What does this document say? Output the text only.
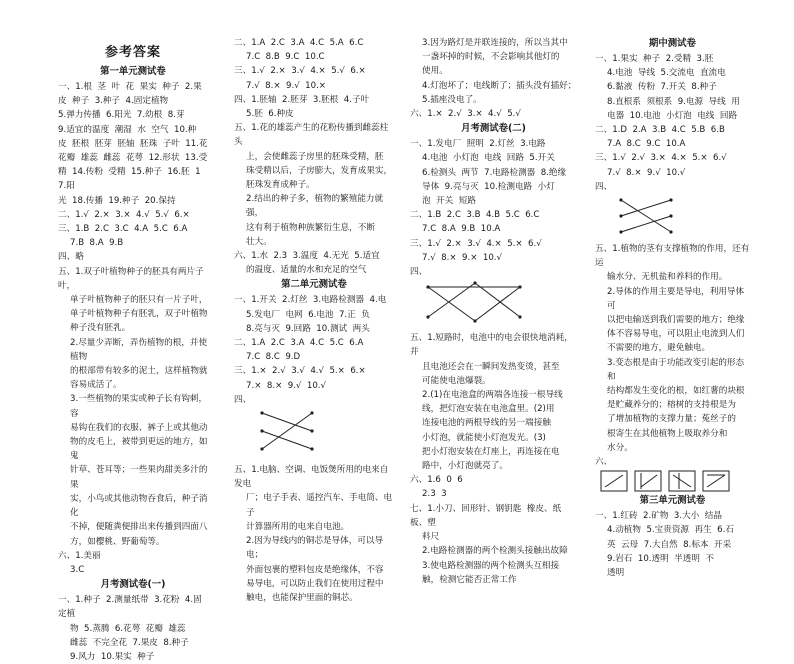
参考答案
第一单元测试卷
一、1.根  茎  叶  花  果实  种子  2.果
皮  种子  3.种子  4.固定植物
5.弹力传播  6.阳光  7.幼根  8.芽
9.适宜的温度  潮湿  水  空气  10.种
皮  胚根  胚芽  胚轴  胚珠  子叶  11.花
花瓣  雄蕊  雌蕊  花萼  12.形状  13.受
精  14.传粉  受精  15.种子  16.胚  17.阳
光  18.传播  19.种子  20.保持
二、1.√  2.×  3.×  4.√  5.√  6.×
三、1.B  2.C  3.C  4.A  5.C  6.A
7.B  8.A  9.B
四、略
五、1.双子叶植物种子的胚具有两片子叶，
单子叶植物种子的胚只有一片子叶，
单子叶植物种子有胚乳，双子叶植物
种子没有胚乳。
2.尽量少弄断，弄伤植物的根，并使植物
的根部带有较多的泥土，这样植物就
容易成活了。
3.一些植物的果实或种子长有钩刺，容
易钩在我们的衣服、裤子上或其他动
物的皮毛上，被带到更远的地方，如鬼
针草、苍耳等；一些果肉甜美多汁的果
实，小鸟或其他动物吞食后，种子消化
不掉，便随粪便排出来传播到四面八
方，如樱桃、野葡萄等。
六、1.美丽
3.C
月考测试卷(一)
一、1.种子  2.测量纸带  3.花粉  4.固定植
物  5.蒸腾  6.花萼  花瓣  雄蕊
雌蕊  不完全花  7.果皮  8.种子
9.风力  10.果实  种子
二、1.A  2.C  3.A  4.C  5.A  6.C
7.C  8.B  9.C  10.C
三、1.√  2.×  3.√  4.×  5.√  6.×
7.√  8.×  9.√  10.×
四、1.胚轴  2.胚芽  3.胚根  4.子叶
5.胚  6.种皮
五、1.花的雄蕊产生的花粉传播到雌蕊柱头
上，会使雌蕊子房里的胚珠受精，胚
珠受精以后，子房膨大，发育成果实，
胚珠发育成种子。
2.结出的种子多，植物的繁殖能力就强，
这有利于植物种族繁衍生息，不断
壮大。
六、1.水  2.3  3.温度  4.无光  5.适宜
的温度、适量的水和充足的空气
第二单元测试卷
一、1.开关  2.灯丝  3.电路检测器  4.电
5.发电厂  电网  6.电池  7.正  负
8.亮与灭  9.回路  10.测试  两头
二、1.A  2.C  3.A  4.C  5.C  6.A
7.C  8.C  9.D
三、1.×  2.√  3.√  4.√  5.×  6.×
7.×  8.×  9.√  10.√
四、
五、1.电脑、空调、电饭煲所用的电来自发电
厂；电子手表、遥控汽车、手电筒、电子
计算器所用的电来自电池。
2.因为导线内的铜芯是导体，可以导电；
外面包裹的塑料包皮是绝缘体，不容
易导电，可以防止我们在使用过程中
触电，也能保护里面的铜芯。
3.因为路灯是并联连接的，所以当其中
一盏坏掉的时候，不会影响其他灯的
使用。
4.灯泡坏了；电线断了；插头没有插好；
5.插座没电了。
六、1.×  2.√  3.×  4.√  5.√
月考测试卷(二)
一、1.发电厂  照明  2.灯丝  3.电路
4.电池  小灯泡  电线  回路  5.开关
6.检测头  两节  7.电路检测器  8.绝缘
导体  9.亮与灭  10.检测电路  小灯
泡  开关  短路
二、1.B  2.C  3.B  4.B  5.C  6.C
7.C  8.A  9.B  10.A
三、1.√  2.×  3.√  4.×  5.×  6.√
7.√  8.×  9.×  10.√
四、
五、1.短路时，电池中的电会很快地消耗，并
且电池还会在一瞬间发热变烫，甚至
可能使电池爆裂。
2.(1)在电池盒的两端各连接一根导线
线，把灯泡安装在电池盒里。(2)用
连接电池的两根导线的另一端接触
小灯泡，就能使小灯泡发光。(3)
把小灯泡安装在灯座上，再连接在电
路中，小灯泡就亮了。
六、1.6  0  6
2.3  3
七、1.小刀、回形针、钢钥匙  橡皮、纸板、塑
料尺
2.电路检测器的两个检测头接触出故障
3.使电路检测器的两个检测头互相接
触，检测它能否正常工作
期中测试卷
一、1.果实  种子  2.受精  3.胚
4.电池  导线  5.交流电  直流电
6.黏液  传粉  7.开关  8.种子
8.直根系  须根系  9.电源  导线  用
电器  10.电池  小灯泡  电线  回路
二、1.D  2.A  3.B  4.C  5.B  6.B
7.A  8.C  9.C  10.A
三、1.√  2.√  3.×  4.×  5.×  6.√
7.√  8.×  9.√  10.√
四、
五、1.植物的茎有支撑植物的作用，还有运
输水分、无机盐和养料的作用。
2.导体的作用主要是导电，利用导体可
以把电输送到我们需要的地方；绝缘
体不容易导电，可以阻止电流到人们
不需要的地方，避免触电。
3.变态根是由于功能改变引起的形态和
结构都发生变化的根，如红薯的块根
是贮藏养分的；榕树的支持根是为
了增加植物的支撑力量；菟丝子的
根寄生在其他植物上吸取养分和
水分。
六、
第三单元测试卷
一、1.红砖  2.矿物  3.大小  结晶
4.动植物  5.宝贵资源  再生  6.石
英  云母  7.大自然  8.标本  开采
9.岩石  10.透明  半透明  不
透明
